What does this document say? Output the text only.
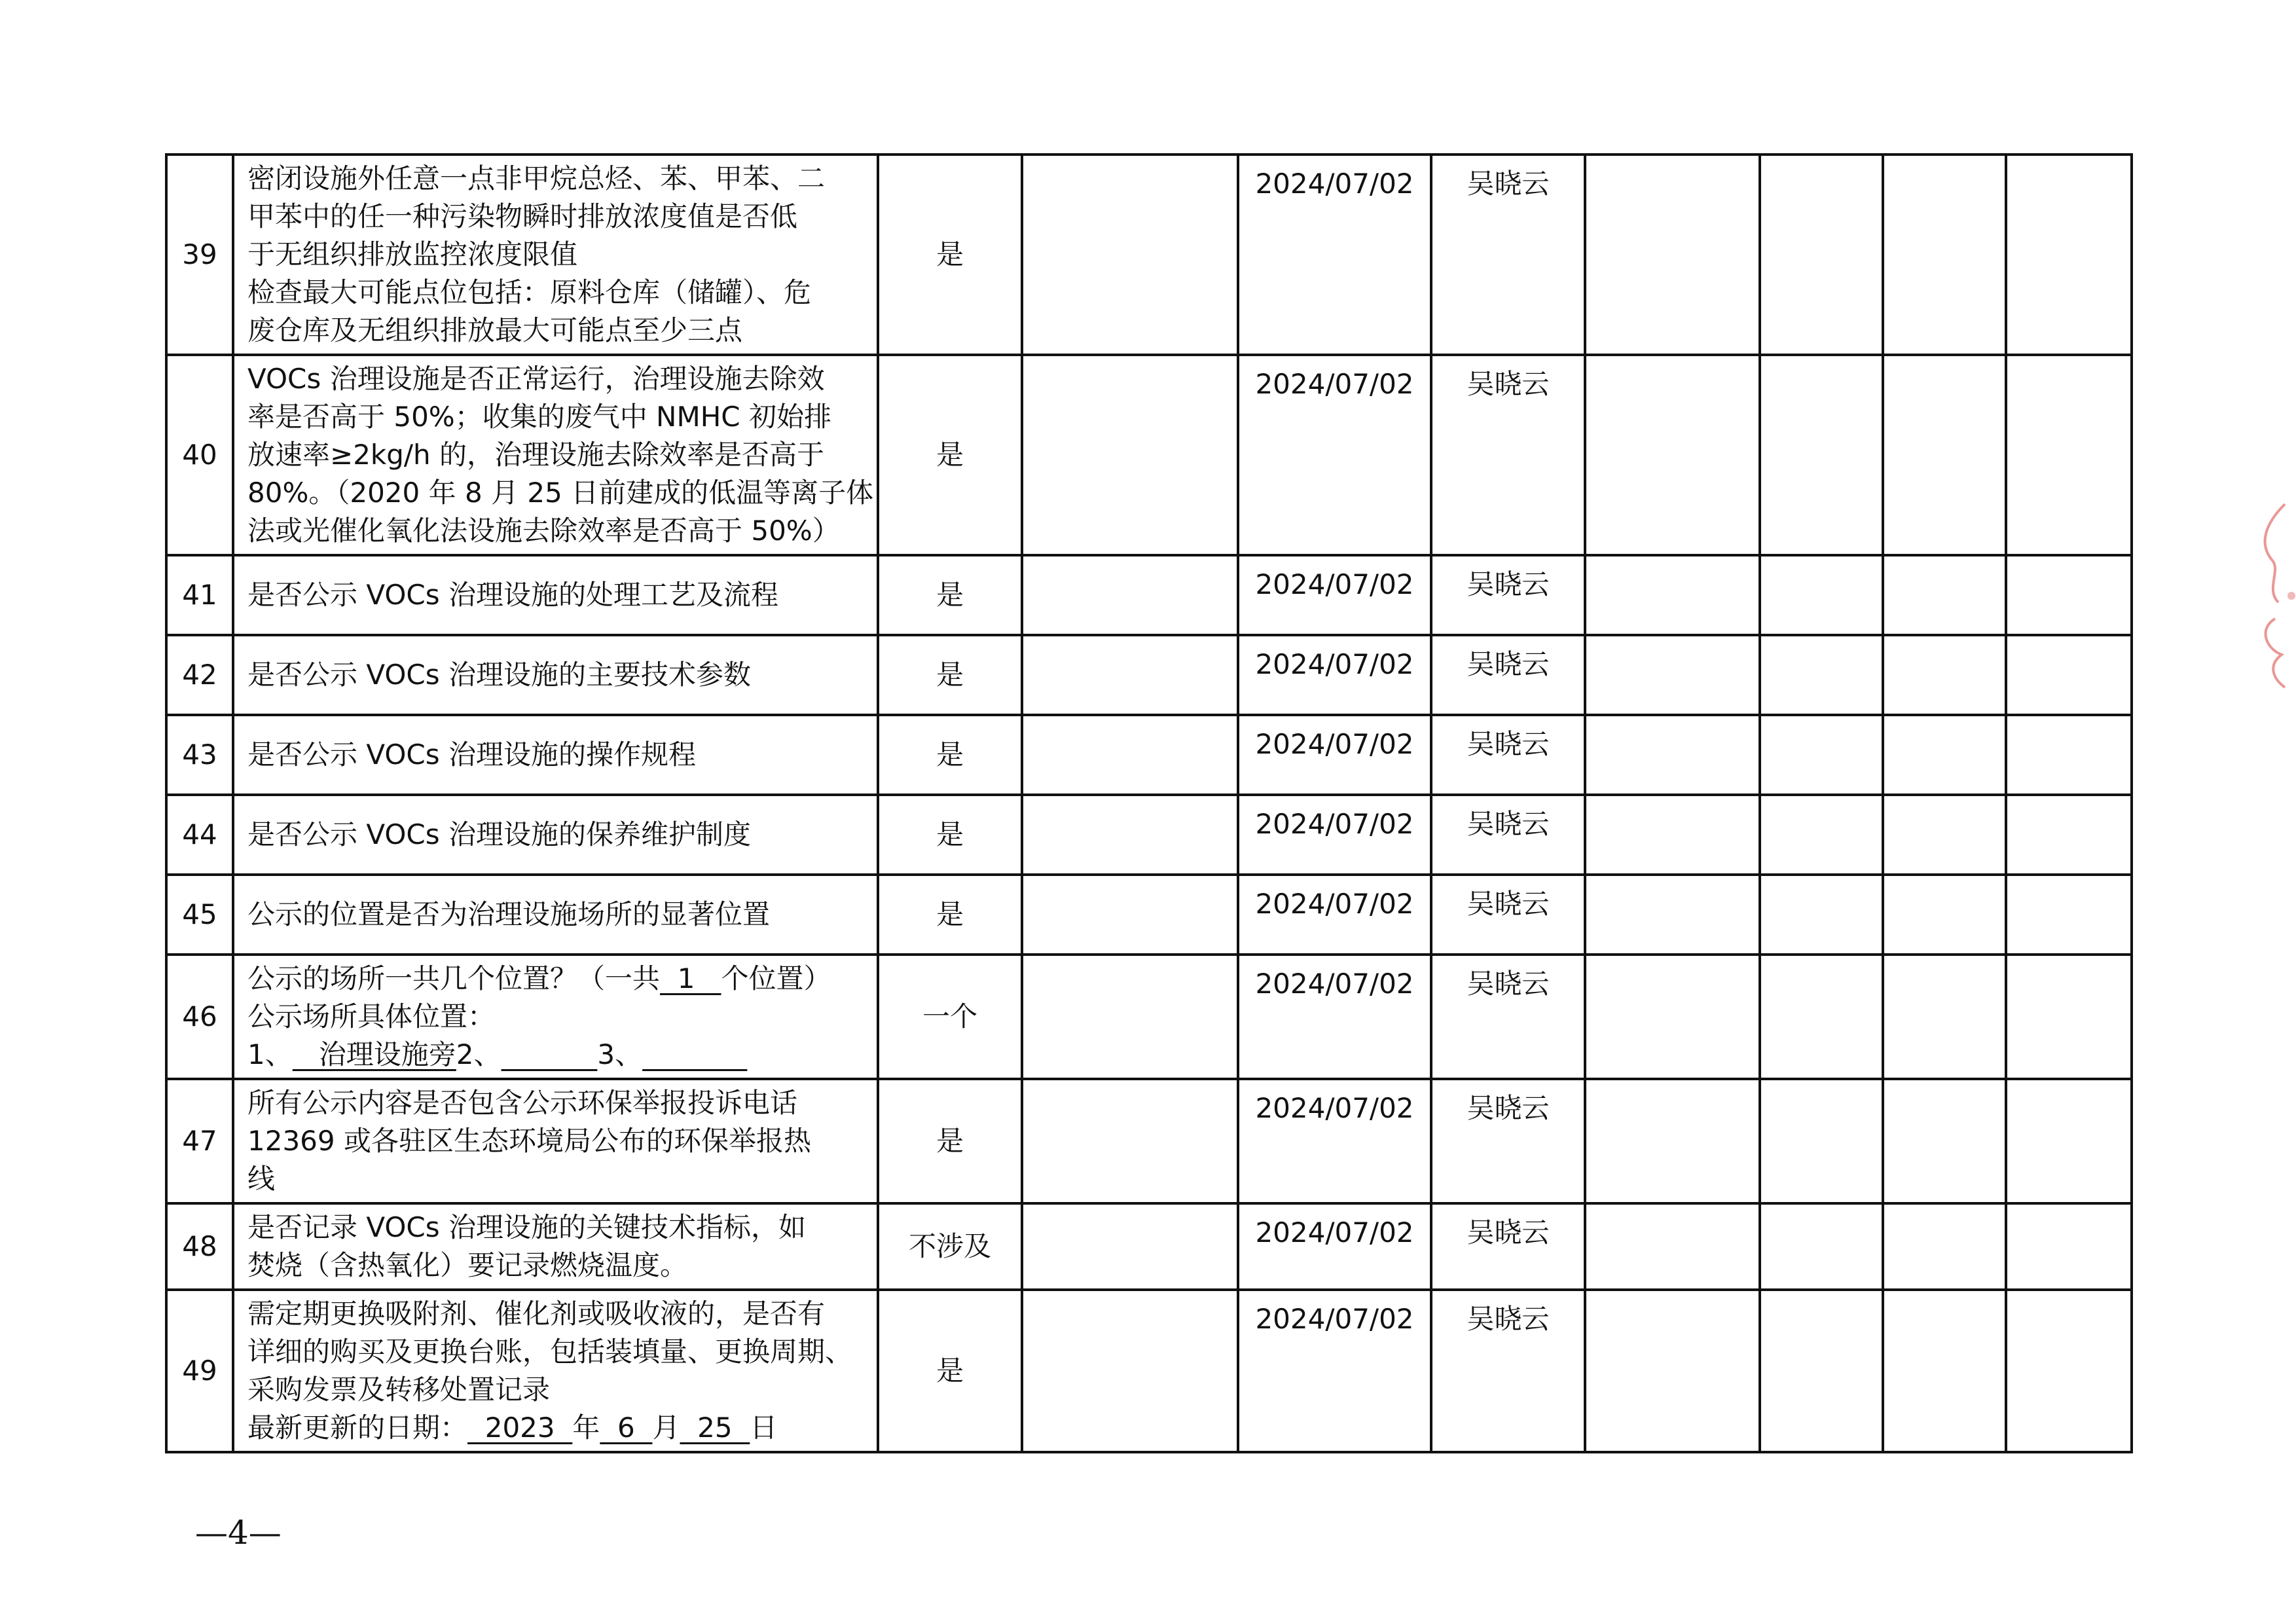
39	密闭设施外任意一点非甲烷总烃、苯、甲苯、二
甲苯中的任一种污染物瞬时排放浓度值是否低
于无组织排放监控浓度限值
检查最大可能点位包括：原料仓库（储罐）、危
废仓库及无组织排放最大可能点至少三点	是		2024/07/02	吴晓云				
40	VOCs 治理设施是否正常运行，治理设施去除效
率是否高于 50%；收集的废气中 NMHC 初始排
放速率≥2kg/h 的，治理设施去除效率是否高于
80%。（2020 年 8 月 25 日前建成的低温等离子体
法或光催化氧化法设施去除效率是否高于 50%）	是		2024/07/02	吴晓云				
41	是否公示 VOCs 治理设施的处理工艺及流程	是		2024/07/02	吴晓云				
42	是否公示 VOCs 治理设施的主要技术参数	是		2024/07/02	吴晓云				
43	是否公示 VOCs 治理设施的操作规程	是		2024/07/02	吴晓云				
44	是否公示 VOCs 治理设施的保养维护制度	是		2024/07/02	吴晓云				
45	公示的位置是否为治理设施场所的显著位置	是		2024/07/02	吴晓云				
46	公示的场所一共几个位置？（一共  1   个位置）
公示场所具体位置：
1、   治理设施旁2、 3、	一个		2024/07/02	吴晓云				
47	所有公示内容是否包含公示环保举报投诉电话
12369 或各驻区生态环境局公布的环保举报热
线	是		2024/07/02	吴晓云				
48	是否记录 VOCs 治理设施的关键技术指标，如
焚烧（含热氧化）要记录燃烧温度。	不涉及		2024/07/02	吴晓云				
49	需定期更换吸附剂、催化剂或吸收液的，是否有
详细的购买及更换台账，包括装填量、更换周期、
采购发票及转移处置记录
最新更新的日期：  2023  年  6  月  25  日	是		2024/07/02	吴晓云				
—4—
